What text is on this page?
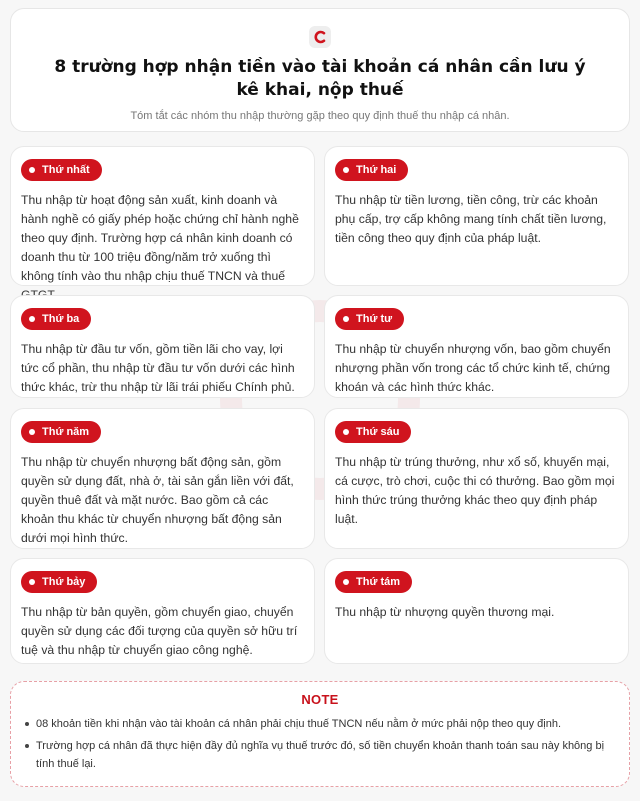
8 trường hợp nhận tiền vào tài khoản cá nhân cần lưu ý kê khai, nộp thuế
Tóm tắt các nhóm thu nhập thường gặp theo quy định thuế thu nhập cá nhân.
Thứ nhất
Thu nhập từ hoạt động sản xuất, kinh doanh và hành nghề có giấy phép hoặc chứng chỉ hành nghề theo quy định. Trường hợp cá nhân kinh doanh có doanh thu từ 100 triệu đồng/năm trở xuống thì không tính vào thu nhập chịu thuế TNCN và thuế
Thứ hai
Thu nhập từ tiền lương, tiền công, trừ các khoản phụ cấp, trợ cấp không mang tính chất tiền lương, tiền công theo quy định của pháp luật.
Thứ ba
Thu nhập từ đầu tư vốn, gồm tiền lãi cho vay, lợi tức cổ phần, thu nhập từ đầu tư vốn dưới các hình thức khác, trừ thu nhập từ lãi trái phiếu Chính phủ.
Thứ tư
Thu nhập từ chuyển nhượng vốn, bao gồm chuyển nhượng phần vốn trong các tổ chức kinh tế, chứng khoán và các hình thức khác.
Thứ năm
Thu nhập từ chuyển nhượng bất động sản, gồm quyền sử dụng đất, nhà ở, tài sản gắn liền với đất, quyền thuê đất và mặt nước. Bao gồm cả các khoản thu khác từ chuyển nhượng bất động sản dưới mọi hình thức.
Thứ sáu
Thu nhập từ trúng thưởng, như xổ số, khuyến mại, cá cược, trò chơi, cuộc thi có thưởng. Bao gồm mọi hình thức trúng thưởng khác theo quy định pháp luật.
Thứ bảy
Thu nhập từ bản quyền, gồm chuyển giao, chuyển quyền sử dụng các đối tượng của quyền sở hữu trí tuệ và thu nhập từ chuyển giao công nghệ.
Thứ tám
Thu nhập từ nhượng quyền thương mại.
NOTE
08 khoản tiền khi nhận vào tài khoản cá nhân phải chịu thuế TNCN nếu nằm ở mức phải nộp theo quy định.
Trường hợp cá nhân đã thực hiện đầy đủ nghĩa vụ thuế trước đó, số tiền chuyển khoản thanh toán sau này không bị tính thuế lại.
